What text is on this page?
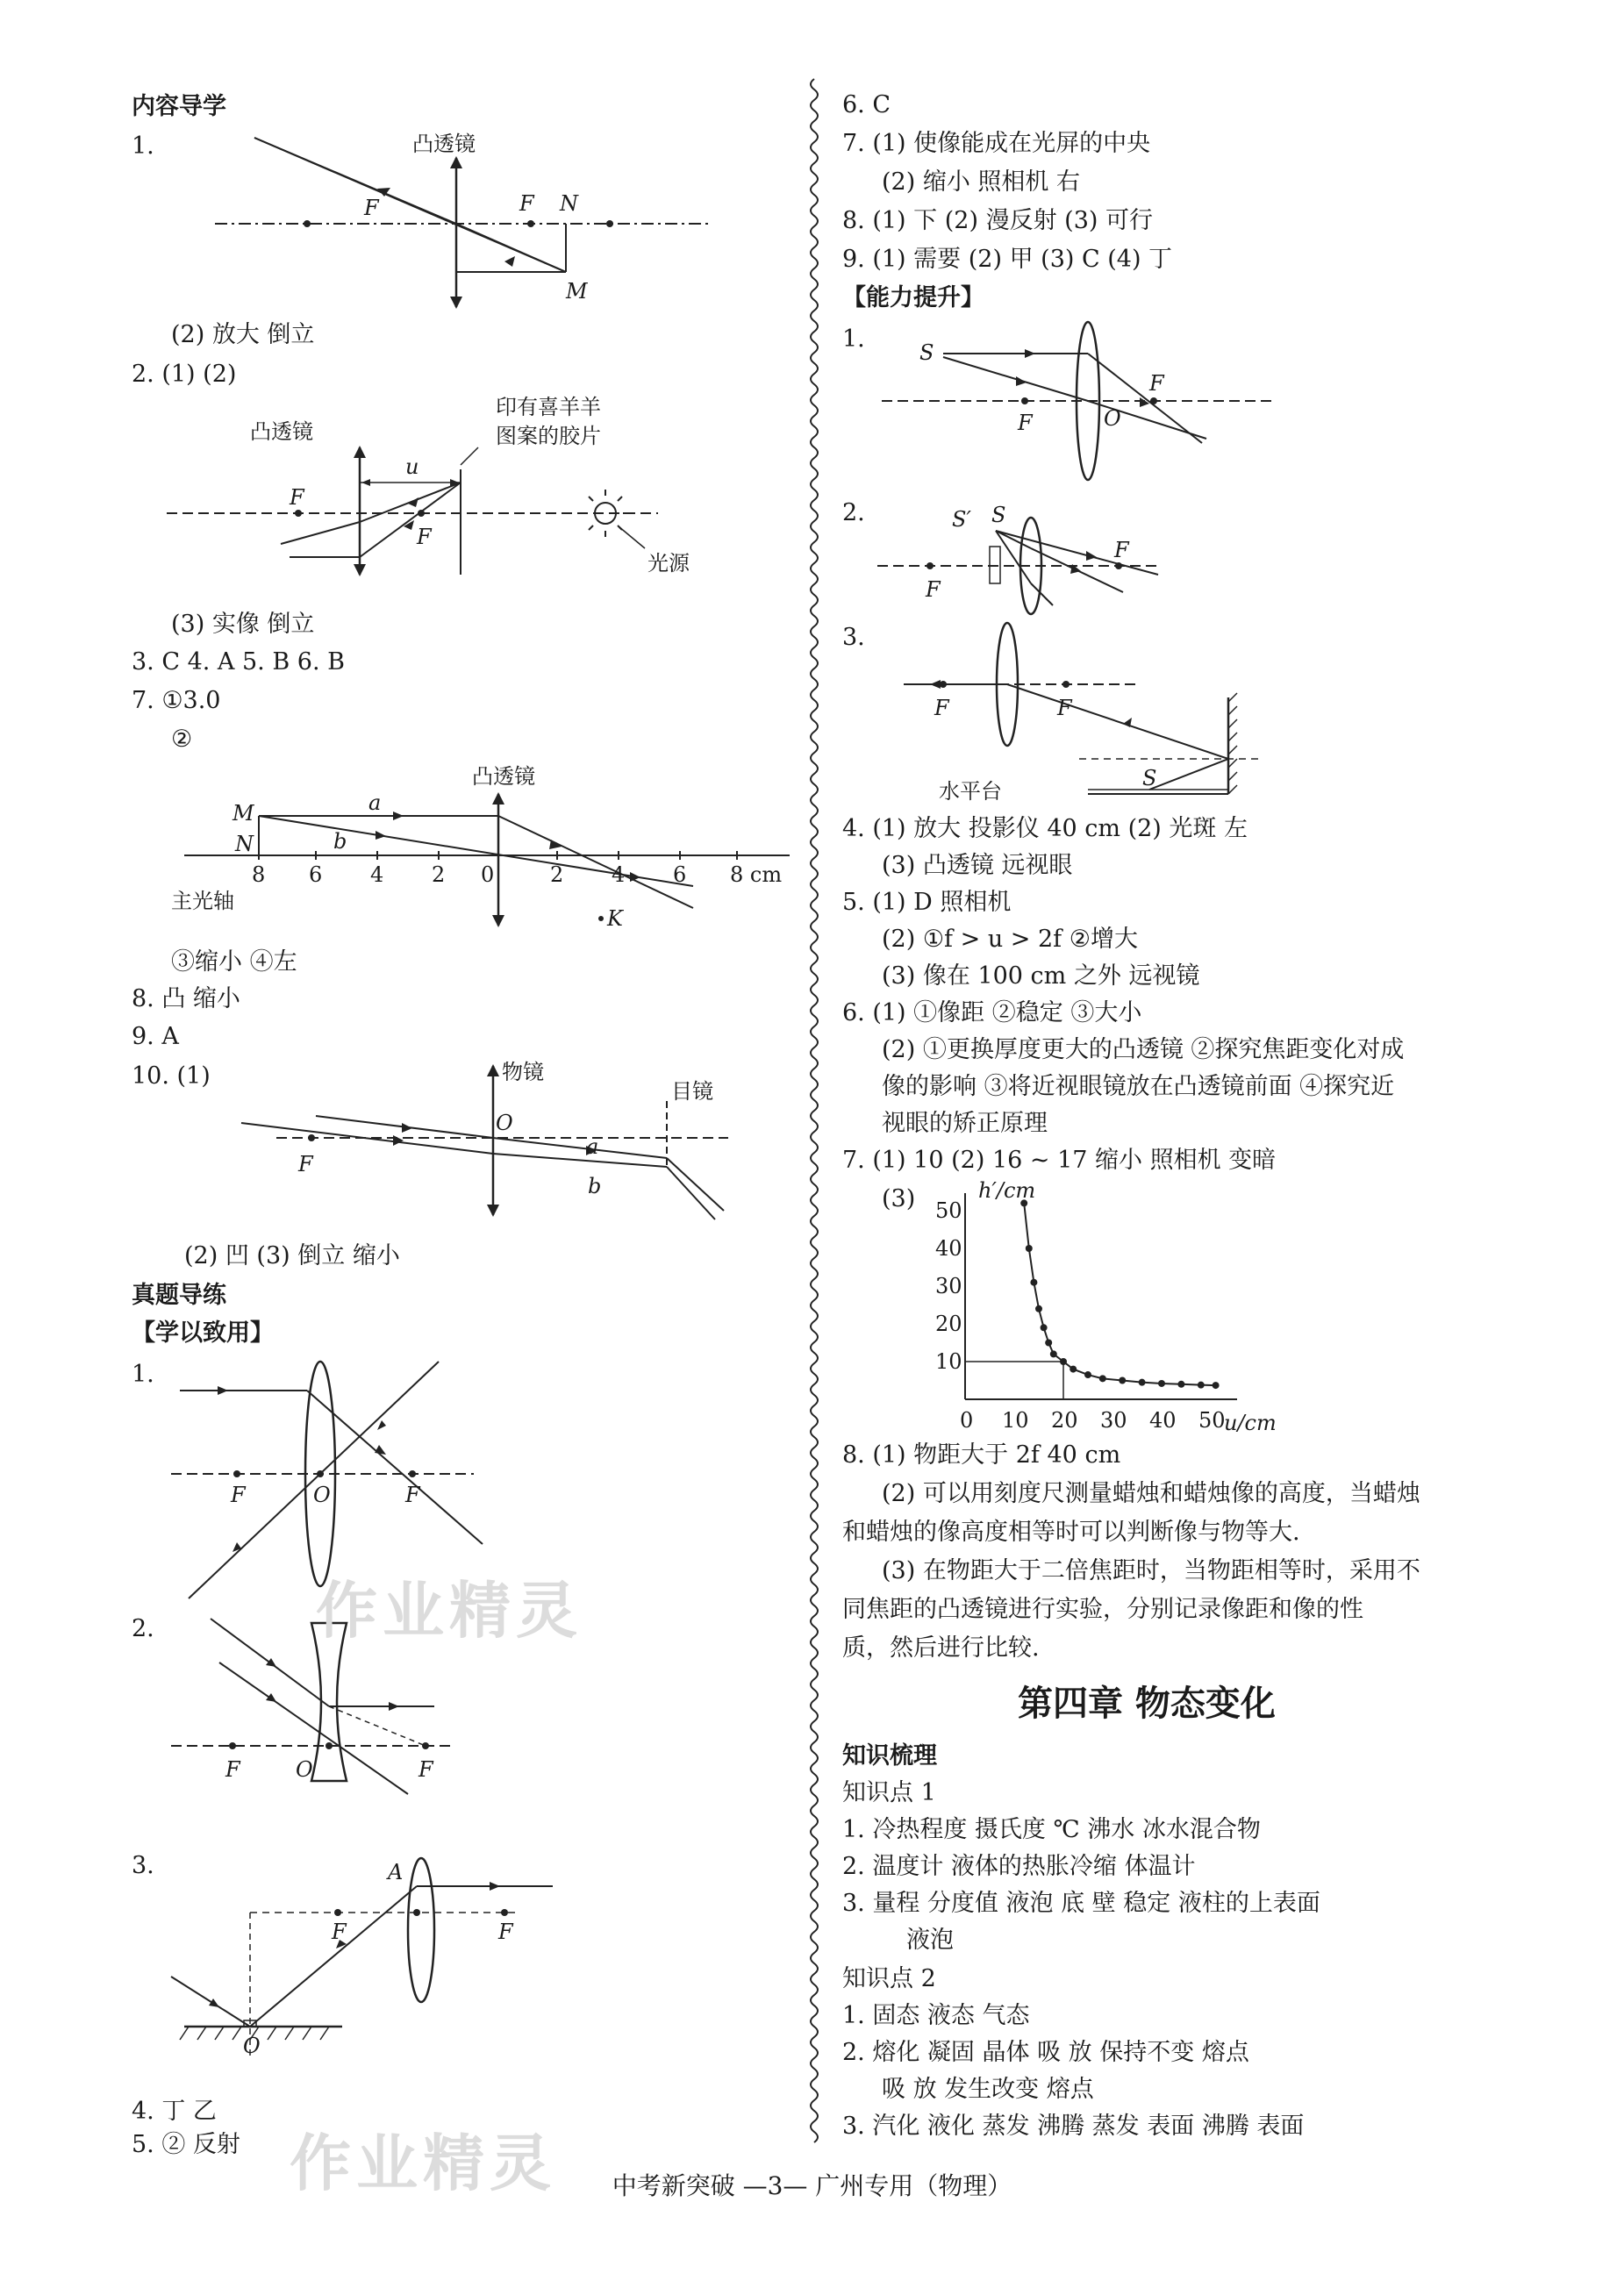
内容导学
1.	凸透镜
F	F N
M
(2) 放大 倒立
2. (1) (2)
凸透镜
印有喜羊羊
图案的胶片
u
F
F
光源
(3) 实像 倒立
3. C 4. A 5. B 6. B
7. ①3.0
②
凸透镜
M
N
a
b
8 6 4 2 0	2 4 6 8 cm
主光轴
K
③缩小 ④左
8. 凸 缩小
9. A
10. (1)	物镜
目镜
O
F
a
b
(2) 凹 (3) 倒立 缩小
真题导练
【学以致用】
1.
F	O	F
2.
F	O	F
3.	A
F	F
O
4. 丁 乙
5. ② 反射
6. C
7. (1) 使像能成在光屏的中央
(2) 缩小 照相机 右
8. (1) 下 (2) 漫反射 (3) 可行
9. (1) 需要 (2) 甲 (3) C (4) 丁
【能力提升】
1.	S
F	O
F
2.	S′ S
F
F
3.
F	F
S
水平台
4. (1) 放大 投影仪 40 cm (2) 光斑 左
(3) 凸透镜 远视眼
5. (1) D 照相机
(2) ①f > u > 2f ②增大
(3) 像在 100 cm 之外 远视镜
6. (1) ①像距 ②稳定 ③大小
(2) ①更换厚度更大的凸透镜 ②探究焦距变化对成
像的影响 ③将近视眼镜放在凸透镜前面 ④探究近
视眼的矫正原理
7. (1) 10 (2) 16 ~ 17 缩小 照相机 变暗
(3)
10
20
30
40
50
0 10 20 30 40 50
h′/cm
u/cm
8. (1) 物距大于 2f 40 cm
(2) 可以用刻度尺测量蜡烛和蜡烛像的高度，当蜡烛
和蜡烛的像高度相等时可以判断像与物等大.
(3) 在物距大于二倍焦距时，当物距相等时，采用不
同焦距的凸透镜进行实验，分别记录像距和像的性
质，然后进行比较.
第四章 物态变化
知识梳理
知识点 1
1. 冷热程度 摄氏度 ℃ 沸水 冰水混合物
2. 温度计 液体的热胀冷缩 体温计
3. 量程 分度值 液泡 底 壁 稳定 液柱的上表面
液泡
知识点 2
1. 固态 液态 气态
2. 熔化 凝固 晶体 吸 放 保持不变 熔点
吸 放 发生改变 熔点
3. 汽化 液化 蒸发 沸腾 蒸发 表面 沸腾 表面
作业精灵
作业精灵	中考新突破 —3— 广州专用（物理）
